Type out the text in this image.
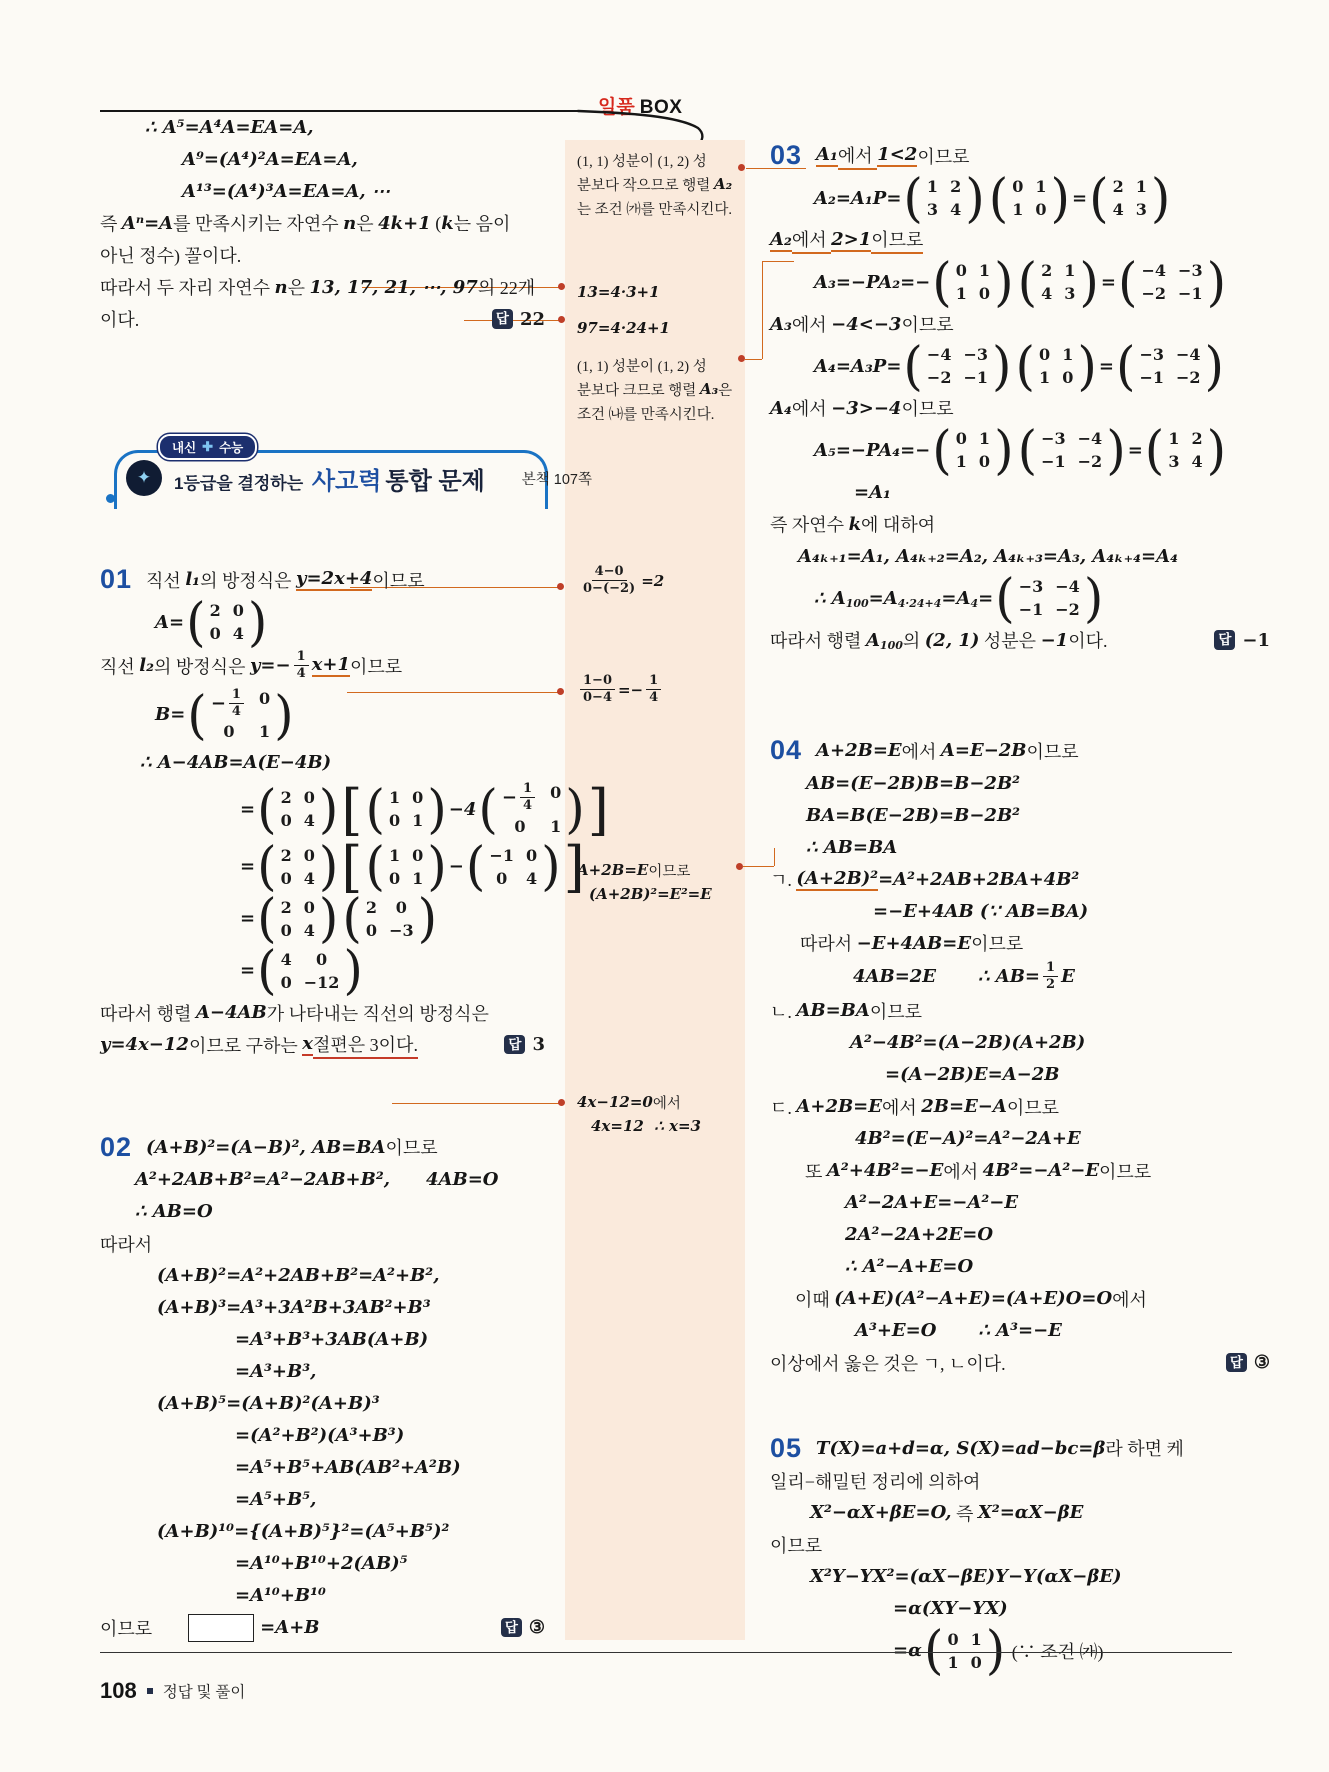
일품 BOX
(1, 1) 성분이 (1, 2) 성
분보다 작으므로 행렬 A₂
는 조건 ㈎를 만족시킨다.
13=4·3+1
97=4·24+1
(1, 1) 성분이 (1, 2) 성
분보다 크므로 행렬 A₃ 은
조건 ㈏를 만족시킨다.
4−0
0−(−2) =2
1−0
0−4 =−
1
4
A+2B=E 이므로
(A+2B)²=E²=E
4x−12=0 에서
4x=12  ∴ x=3
∴ A⁵=A⁴A=EA=A,
A⁹=(A⁴)²A=EA=A,
A¹³=(A⁴)³A=EA=A, ⋯
즉 Aⁿ=A 를 만족시키는 자연수 n 은 4k+1 ( k 는 음이
아닌 정수) 꼴이다.
따라서 두 자리 자연수 n 은 13, 17, 21, ⋯, 97 의 22개
이다.	답 22
내신 ✚ 수능
✦	1등급을 결정하는 사고력 통합 문제	본책 107쪽
01 직선 l₁ 의 방정식은 y=2x+4 이므로
A= ( 2 0
0 4 )
직선 l₂ 의 방정식은 y=− 1
4 x+1 이므로
B= ( − $\frac{1}{4} 0$
0	1 )
∴ A−4AB=A(E−4B)
= ( 2 0
0 4 ) [ ( 1 0
0 1 ) −4 ( − $\frac{1}{4} 0$
0	1 ) ]
= ( 2 0
0 4 ) [ ( 1 0
0 1 ) − ( −1 0
0	4 ) ]
= ( 2 0
0 4 ) ( 2	0
0 −3 )
= ( 4	0
0 −12 )
따라서 행렬 A−4AB 가 나타내는 직선의 방정식은
y=4x−12 이므로 구하는 x 절편은 3이다.	답 3
02 (A+B)²=(A−B)², AB=BA 이므로
A²+2AB+B²=A²−2AB+B², 4AB=O
∴ AB=O
따라서
(A+B)²=A²+2AB+B²=A²+B²,
(A+B)³=A³+3A²B+3AB²+B³
=A³+B³+3AB(A+B)
=A³+B³,
(A+B)⁵=(A+B)²(A+B)³
=(A²+B²)(A³+B³)
=A⁵+B⁵+AB(AB²+A²B)
=A⁵+B⁵,
(A+B)¹⁰={(A+B)⁵}²=(A⁵+B⁵)²
=A¹⁰+B¹⁰+2(AB)⁵
=A¹⁰+B¹⁰
이므로	=A+B	답 ③
03 A₁ 에서 1<2 이므로
A₂=A₁P= ( 1 2
3 4 ) ( 0 1
1 0 ) = ( 2 1
4 3 )
A₂ 에서 2>1 이므로
A₃=−PA₂=− ( 0 1
1 0 ) ( 2 1
4 3 ) = ( −4 −3
−2 −1 )
A₃ 에서 −4<−3 이므로
A₄=A₃P= ( −4 −3
−2 −1 ) ( 0 1
1 0 ) = ( −3 −4
−1 −2 )
A₄ 에서 −3>−4 이므로
A₅=−PA₄=− ( 0 1
1 0 ) ( −3 −4
−1 −2 ) = ( 1 2
3 4 )
=A₁
즉 자연수 k 에 대하여
A₄ₖ₊₁=A₁, A₄ₖ₊₂=A₂, A₄ₖ₊₃=A₃, A₄ₖ₊₄=A₄
∴ A 100 =A 4·24+4 =A 4 = ( −3 −4
−1 −2 )
따라서 행렬 A 100 의 (2, 1) 성분은 −1 이다.	답 −1
04 A+2B=E 에서 A=E−2B 이므로
AB=(E−2B)B=B−2B²
BA=B(E−2B)=B−2B²
∴ AB=BA
ㄱ. (A+2B)² =A²+2AB+2BA+4B²
=−E+4AB (∵ AB=BA)
따라서 −E+4AB=E 이므로
4AB=2E ∴ AB= 1
2 E
ㄴ. AB=BA 이므로
A²−4B²=(A−2B)(A+2B)
=(A−2B)E=A−2B
ㄷ. A+2B=E 에서 2B=E−A 이므로
4B²=(E−A)²=A²−2A+E
또 A²+4B²=−E 에서 4B²=−A²−E 이므로
A²−2A+E=−A²−E
2A²−2A+2E=O
∴ A²−A+E=O
이때 (A+E)(A²−A+E)=(A+E)O=O 에서
A³+E=O ∴ A³=−E
이상에서 옳은 것은 ㄱ, ㄴ이다.	답 ③
05 T(X)=a+d=α, S(X)=ad−bc=β 라 하면 케
일리−해밀턴 정리에 의하여
X²−αX+βE=O, 즉 X²=αX−βE
이므로
X²Y−YX²=(αX−βE)Y−Y(αX−βE)
=α(XY−YX)
=α ( 0 1
1 0 ) (∵ 조건 ㈎)
108 정답 및 풀이
